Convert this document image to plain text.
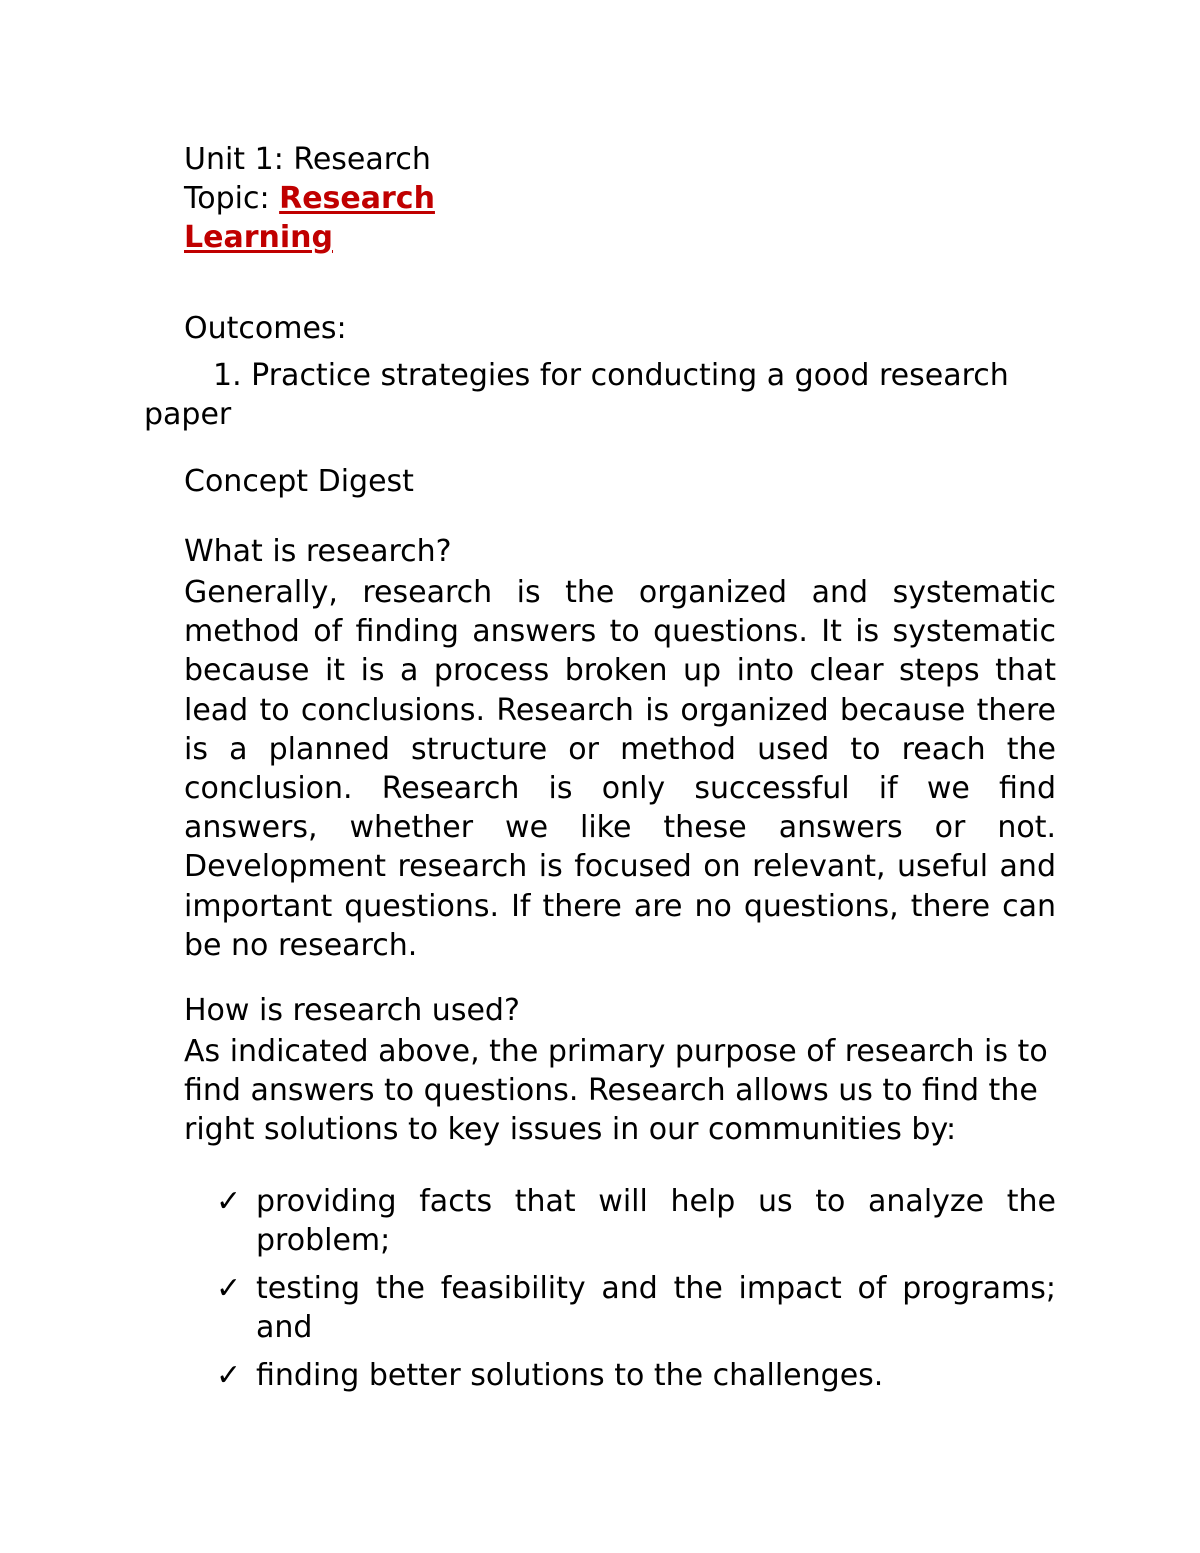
Unit 1: Research
Topic: Research
Learning
Outcomes:
1. Practice strategies for conducting a good research paper
Concept Digest
What is research?
Generally, research is the organized and systematic method of finding answers to questions. It is systematic because it is a process broken up into clear steps that lead to conclusions. Research is organized because there is a planned structure or method used to reach the conclusion. Research is only successful if we find answers, whether we like these answers or not. Development research is focused on relevant, useful and important questions. If there are no questions, there can be no research.
How is research used?
As indicated above, the primary purpose of research is to find answers to questions. Research allows us to find the right solutions to key issues in our communities by:
✓ providing facts that will help us to analyze the problem;
✓ testing the feasibility and the impact of programs; and
✓ finding better solutions to the challenges.
